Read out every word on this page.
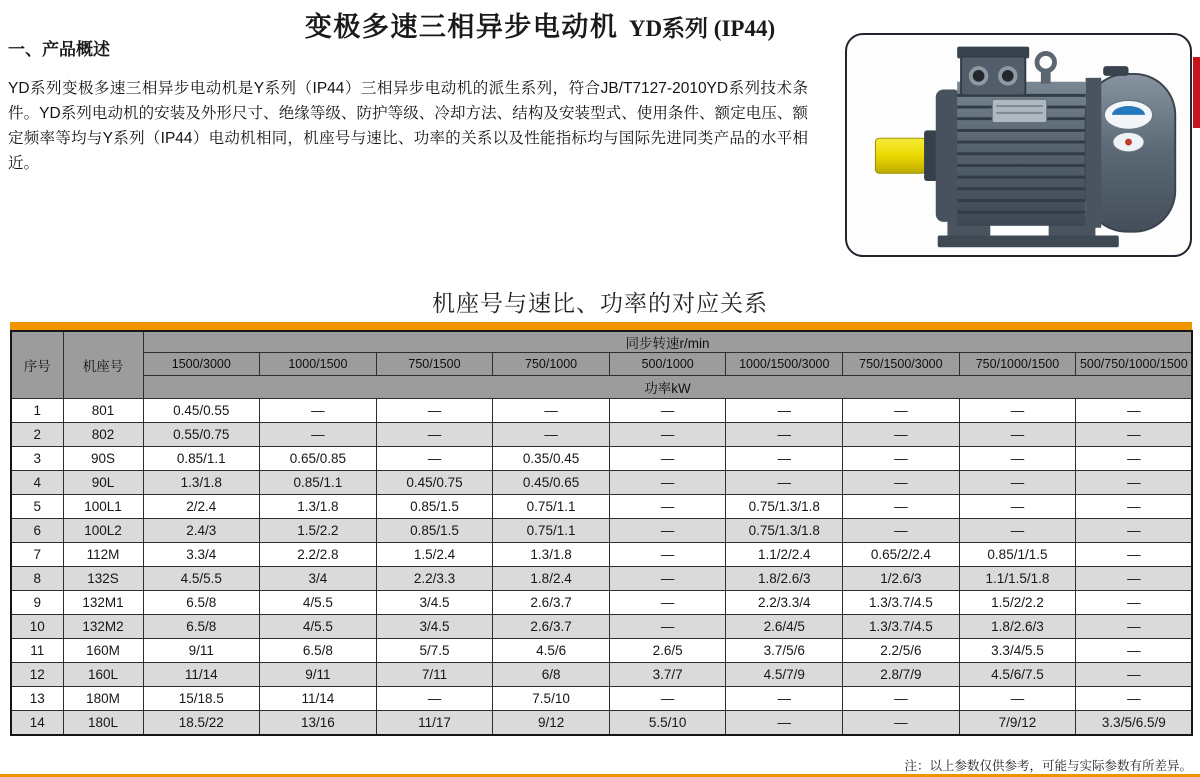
变极多速三相异步电动机 YD系列 (IP44)
一、产品概述

YD系列变极多速三相异步电动机是Y系列（IP44）三相异步电动机的派生系列，符合JB/T7127-2010YD系列技术条件。YD系列电动机的安装及外形尺寸、绝缘等级、防护等级、冷却方法、结构及安装型式、使用条件、额定电压、额定频率等均与Y系列（IP44）电动机相同，机座号与速比、功率的关系以及性能指标均与国际先进同类产品的水平相近。

机座号与速比、功率的对应关系
序号	机座号	同步转速r/min								
		1500/3000	1000/1500	750/1500	750/1000	500/1000	1000/1500/3000	750/1500/3000	750/1000/1500	500/750/1000/1500
		功率kW								
1	801	0.45/0.55	—	—	—	—	—	—	—	—
2	802	0.55/0.75	—	—	—	—	—	—	—	—
3	90S	0.85/1.1	0.65/0.85	—	0.35/0.45	—	—	—	—	—
4	90L	1.3/1.8	0.85/1.1	0.45/0.75	0.45/0.65	—	—	—	—	—
5	100L1	2/2.4	1.3/1.8	0.85/1.5	0.75/1.1	—	0.75/1.3/1.8	—	—	—
6	100L2	2.4/3	1.5/2.2	0.85/1.5	0.75/1.1	—	0.75/1.3/1.8	—	—	—
7	112M	3.3/4	2.2/2.8	1.5/2.4	1.3/1.8	—	1.1/2/2.4	0.65/2/2.4	0.85/1/1.5	—
8	132S	4.5/5.5	3/4	2.2/3.3	1.8/2.4	—	1.8/2.6/3	1/2.6/3	1.1/1.5/1.8	—
9	132M1	6.5/8	4/5.5	3/4.5	2.6/3.7	—	2.2/3.3/4	1.3/3.7/4.5	1.5/2/2.2	—
10	132M2	6.5/8	4/5.5	3/4.5	2.6/3.7	—	2.6/4/5	1.3/3.7/4.5	1.8/2.6/3	—
11	160M	9/11	6.5/8	5/7.5	4.5/6	2.6/5	3.7/5/6	2.2/5/6	3.3/4/5.5	—
12	160L	11/14	9/11	7/11	6/8	3.7/7	4.5/7/9	2.8/7/9	4.5/6/7.5	—
13	180M	15/18.5	11/14	—	7.5/10	—	—	—	—	—
14	180L	18.5/22	13/16	11/17	9/12	5.5/10	—	—	7/9/12	3.3/5/6.5/9
注：以上参数仅供参考，可能与实际参数有所差异。
